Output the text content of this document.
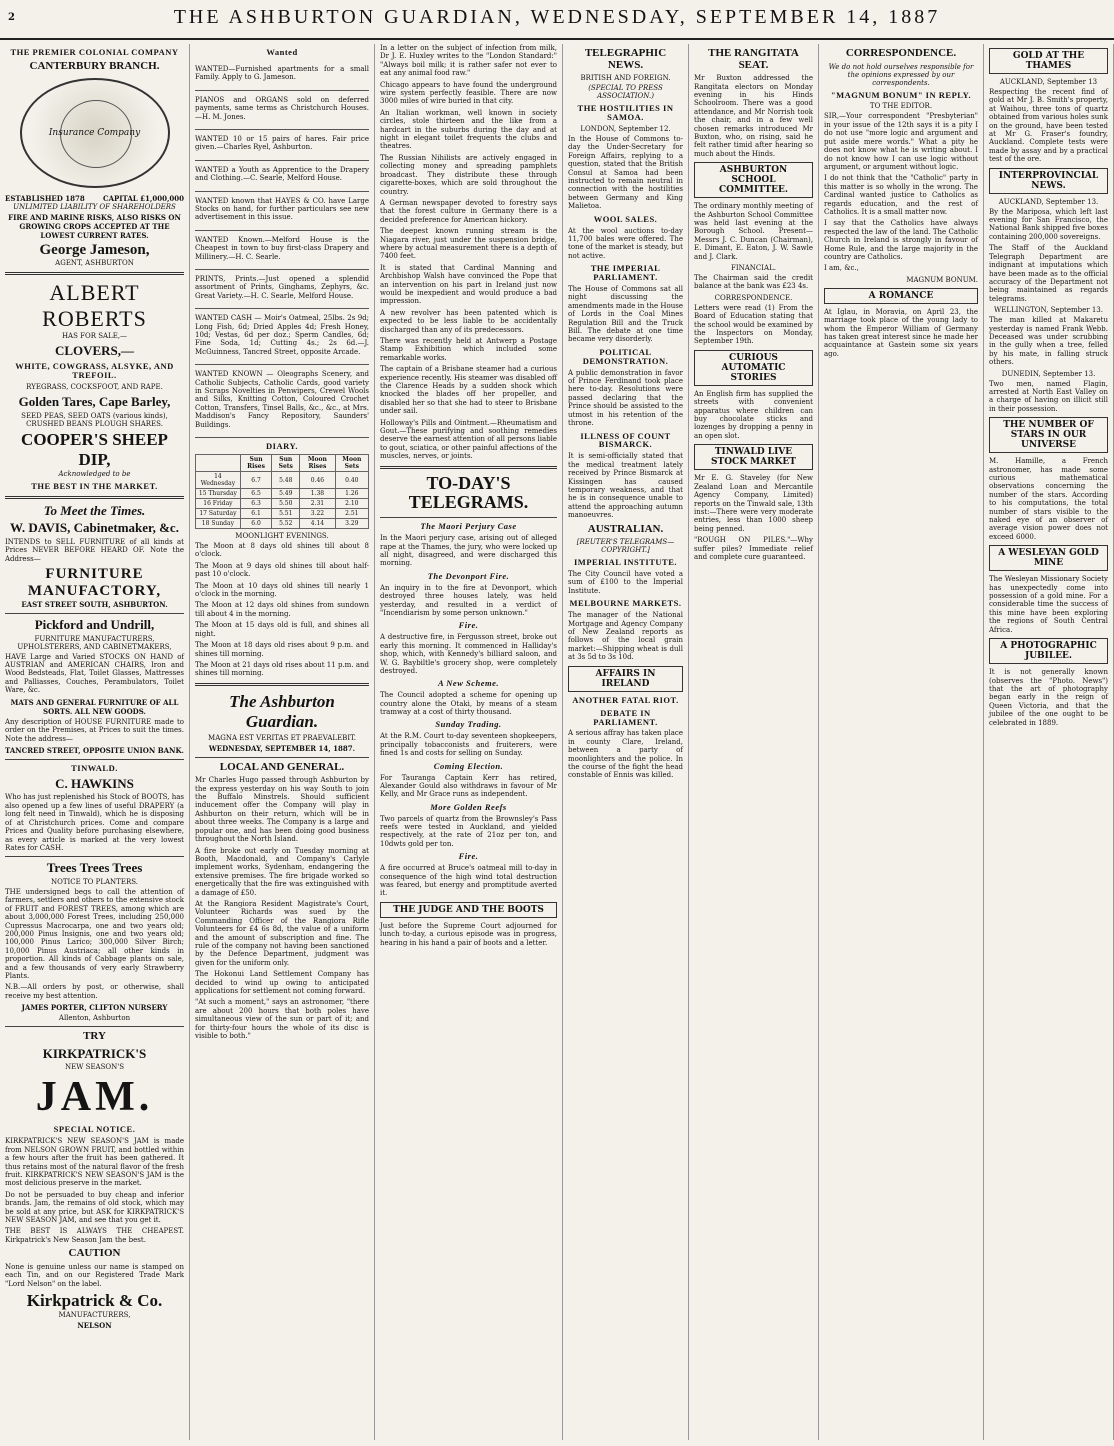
2	THE ASHBURTON GUARDIAN, WEDNESDAY, SEPTEMBER 14, 1887
THE PREMIER COLONIAL COMPANY
CANTERBURY BRANCH.
Insurance Company
ESTABLISHED 1878	CAPITAL £1,000,000
UNLIMITED LIABILITY OF SHAREHOLDERS
FIRE AND MARINE RISKS, ALSO RISKS ON GROWING CROPS ACCEPTED AT THE LOWEST CURRENT RATES.
George Jameson,
AGENT, ASHBURTON
ALBERT ROBERTS
HAS FOR SALE,—
CLOVERS,—
WHITE, COWGRASS, ALSYKE, AND TREFOIL.
RYEGRASS, COCKSFOOT, AND RAPE.
Golden Tares, Cape Barley,
SEED PEAS, SEED OATS (various kinds), CRUSHED BEANS PLOUGH SHARES.
COOPER'S SHEEP DIP,
Acknowledged to be
THE BEST IN THE MARKET.
To Meet the Times.
W. DAVIS, Cabinetmaker, &c.

INTENDS to SELL FURNITURE of all kinds at Prices NEVER BEFORE HEARD OF. Note the Address—

FURNITURE MANUFACTORY,
EAST STREET SOUTH, ASHBURTON.
Pickford and Undrill,
FURNITURE MANUFACTURERS, UPHOLSTERERS, AND CABINETMAKERS,

HAVE Large and Varied STOCKS ON HAND of AUSTRIAN and AMERICAN CHAIRS, Iron and Wood Bedsteads, Flat, Toilet Glasses, Mattresses and Palliasses, Couches, Perambulators, Toilet Ware, &c.

MATS AND GENERAL FURNITURE OF ALL SORTS. ALL NEW GOODS.

Any description of HOUSE FURNITURE made to order on the Premises, at Prices to suit the times. Note the address—

TANCRED STREET, OPPOSITE UNION BANK.
TINWALD.
C. HAWKINS

Who has just replenished his Stock of BOOTS, has also opened up a few lines of useful DRAPERY (a long felt need in Tinwald), which he is disposing of at Christchurch prices. Come and compare Prices and Quality before purchasing elsewhere, as every article is marked at the very lowest Rates for CASH.

Trees Trees Trees
NOTICE TO PLANTERS.

THE undersigned begs to call the attention of farmers, settlers and others to the extensive stock of FRUIT and FOREST TREES, among which are about 3,000,000 Forest Trees, including 250,000 Cupressus Macrocarpa, one and two years old; 200,000 Pinus Insignis, one and two years old; 100,000 Pinus Larico; 300,000 Silver Birch; 10,000 Pinus Austriaca; all other kinds in proportion. All kinds of Cabbage plants on sale, and a few thousands of very early Strawberry Plants.

N.B.—All orders by post, or otherwise, shall receive my best attention.

JAMES PORTER, CLIFTON NURSERY
Allenton, Ashburton
TRY
KIRKPATRICK'S
NEW SEASON'S
JAM.
SPECIAL NOTICE.

KIRKPATRICK'S NEW SEASON'S JAM is made from NELSON GROWN FRUIT, and bottled within a few hours after the fruit has been gathered. It thus retains most of the natural flavor of the fresh fruit. KIRKPATRICK'S NEW SEASON'S JAM is the most delicious preserve in the market.

Do not be persuaded to buy cheap and inferior brands. Jam, the remains of old stock, which may be sold at any price, but ASK for KIRKPATRICK'S NEW SEASON JAM, and see that you get it.

THE BEST IS ALWAYS THE CHEAPEST. Kirkpatrick's New Season Jam the best.

CAUTION

None is genuine unless our name is stamped on each Tin, and on our Registered Trade Mark "Lord Nelson" on the label.

Kirkpatrick & Co.
MANUFACTURERS,
NELSON
Wanted

WANTED—Furnished apartments for a small Family. Apply to G. Jameson.

PIANOS and ORGANS sold on deferred payments, same terms as Christchurch Houses.—H. M. Jones.

WANTED 10 or 15 pairs of hares. Fair price given.—Charles Ryel, Ashburton.

WANTED a Youth as Apprentice to the Drapery and Clothing.—C. Searle, Melford House.

WANTED known that HAYES & CO. have Large Stocks on hand, for further particulars see new advertisement in this issue.

WANTED Known.—Melford House is the Cheapest in town to buy first-class Drapery and Millinery.—H. C. Searle.

PRINTS, Prints.—Just opened a splendid assortment of Prints, Ginghams, Zephyrs, &c. Great Variety.—H. C. Searle, Melford House.

WANTED CASH — Moir's Oatmeal, 25lbs. 2s 9d; Long Fish, 6d; Dried Apples 4d; Fresh Honey, 10d; Vestas, 6d per doz.; Sperm Candles, 6d; Fine Soda, 1d; Cutting 4s.; 2s 6d.—J. McGuinness, Tancred Street, opposite Arcade.

WANTED KNOWN — Oleographs Scenery, and Catholic Subjects, Catholic Cards, good variety in Scraps Novelties in Penwipers, Crewel Wools and Silks, Knitting Cotton, Coloured Crochet Cotton, Transfers, Tinsel Balls, &c., &c., at Mrs. Maddison's Fancy Repository, Saunders' Buildings.

DIARY.
	Sun Rises	Sun Sets	Moon Rises	Moon Sets
14 Wednesday	6.7	5.48	0.46	0.40
15 Thursday	6.5	5.49	1.38	1.26
16 Friday	6.3	5.50	2.31	2.10
17 Saturday	6.1	5.51	3.22	2.51
18 Sunday	6.0	5.52	4.14	3.29
MOONLIGHT EVENINGS.

The Moon at 8 days old shines till about 8 o'clock.

The Moon at 9 days old shines till about half-past 10 o'clock.

The Moon at 10 days old shines till nearly 1 o'clock in the morning.

The Moon at 12 days old shines from sundown till about 4 in the morning.

The Moon at 15 days old is full, and shines all night.

The Moon at 18 days old rises about 9 p.m. and shines till morning.

The Moon at 21 days old rises about 11 p.m. and shines till morning.

The Ashburton Guardian.
MAGNA EST VERITAS ET PRAEVALEBIT.
WEDNESDAY, SEPTEMBER 14, 1887.
LOCAL AND GENERAL.

Mr Charles Hugo passed through Ashburton by the express yesterday on his way South to join the Buffalo Minstrels. Should sufficient inducement offer the Company will play in Ashburton on their return, which will be in about three weeks. The Company is a large and popular one, and has been doing good business throughout the North Island.

A fire broke out early on Tuesday morning at Booth, Macdonald, and Company's Carlyle implement works, Sydenham, endangering the extensive premises. The fire brigade worked so energetically that the fire was extinguished with a damage of £50.

At the Rangiora Resident Magistrate's Court, Volunteer Richards was sued by the Commanding Officer of the Rangiora Rifle Volunteers for £4 6s 8d, the value of a uniform and the amount of subscription and fine. The rule of the company not having been sanctioned by the Defence Department, judgment was given for the uniform only.

The Hokonui Land Settlement Company has decided to wind up owing to anticipated applications for settlement not coming forward.

"At such a moment," says an astronomer, "there are about 200 hours that both poles have simultaneous view of the sun or part of it; and for thirty-four hours the whole of its disc is visible to both."

In a letter on the subject of infection from milk, Dr J. E. Huxley writes to the "London Standard:" "Always boil milk; it is rather safer not ever to eat any animal food raw."

Chicago appears to have found the underground wire system perfectly feasible. There are now 3000 miles of wire buried in that city.

An Italian workman, well known in society circles, stole thirteen and the like from a hardcart in the suburbs during the day and at night in elegant toilet frequents the clubs and theatres.

The Russian Nihilists are actively engaged in collecting money and spreading pamphlets broadcast. They distribute these through cigarette-boxes, which are sold throughout the country.

A German newspaper devoted to forestry says that the forest culture in Germany there is a decided preference for American hickory.

The deepest known running stream is the Niagara river, just under the suspension bridge, where by actual measurement there is a depth of 7400 feet.

It is stated that Cardinal Manning and Archbishop Walsh have convinced the Pope that an intervention on his part in Ireland just now would be inexpedient and would produce a bad impression.

A new revolver has been patented which is expected to be less liable to be accidentally discharged than any of its predecessors.

There was recently held at Antwerp a Postage Stamp Exhibition which included some remarkable works.

The captain of a Brisbane steamer had a curious experience recently. His steamer was disabled off the Clarence Heads by a sudden shock which knocked the blades off her propeller, and disabled her so that she had to steer to Brisbane under sail.

Holloway's Pills and Ointment.—Rheumatism and Gout.—These purifying and soothing remedies deserve the earnest attention of all persons liable to gout, sciatica, or other painful affections of the muscles, nerves, or joints.

TO-DAY'S TELEGRAMS.
The Maori Perjury Case

In the Maori perjury case, arising out of alleged rape at the Thames, the jury, who were locked up all night, disagreed, and were discharged this morning.

The Devonport Fire.

An inquiry in to the fire at Devonport, which destroyed three houses lately, was held yesterday, and resulted in a verdict of "Incendiarism by some person unknown."

Fire.

A destructive fire, in Fergusson street, broke out early this morning. It commenced in Halliday's shop, which, with Kennedy's billiard saloon, and W. G. Baybiltle's grocery shop, were completely destroyed.

A New Scheme.

The Council adopted a scheme for opening up country alone the Otaki, by means of a steam tramway at a cost of thirty thousand.

Sunday Trading.

At the R.M. Court to-day seventeen shopkeepers, principally tobacconists and fruiterers, were fined 1s and costs for selling on Sunday.

Coming Election.

For Tauranga Captain Kerr has retired, Alexander Gould also withdraws in favour of Mr Kelly, and Mr Grace runs as independent.

More Golden Reefs

Two parcels of quartz from the Brownsley's Pass reefs were tested in Auckland, and yielded respectively, at the rate of 21oz per ton, and 10dwts gold per ton.

Fire.

A fire occurred at Bruce's oatmeal mill to-day in consequence of the high wind total destruction was feared, but energy and promptitude averted it.

THE JUDGE AND THE BOOTS

Just before the Supreme Court adjourned for lunch to-day, a curious episode was in progress, hearing in his hand a pair of boots and a letter.

TELEGRAPHIC NEWS.
BRITISH AND FOREIGN.
(SPECIAL TO PRESS ASSOCIATION.)
THE HOSTILITIES IN SAMOA.
LONDON, September 12.

In the House of Commons to-day the Under-Secretary for Foreign Affairs, replying to a question, stated that the British Consul at Samoa had been instructed to remain neutral in connection with the hostilities between Germany and King Malietoa.

WOOL SALES.

At the wool auctions to-day 11,700 bales were offered. The tone of the market is steady, but not active.

THE IMPERIAL PARLIAMENT.

The House of Commons sat all night discussing the amendments made in the House of Lords in the Coal Mines Regulation Bill and the Truck Bill. The debate at one time became very disorderly.

POLITICAL DEMONSTRATION.

A public demonstration in favor of Prince Ferdinand took place here to-day. Resolutions were passed declaring that the Prince should be assisted to the utmost in his retention of the throne.

ILLNESS OF COUNT BISMARCK.

It is semi-officially stated that the medical treatment lately received by Prince Bismarck at Kissingen has caused temporary weakness, and that he is in consequence unable to attend the approaching autumn manoeuvres.

AUSTRALIAN.
[REUTER'S TELEGRAMS—COPYRIGHT.]
IMPERIAL INSTITUTE.

The City Council have voted a sum of £100 to the Imperial Institute.

MELBOURNE MARKETS.

The manager of the National Mortgage and Agency Company of New Zealand reports as follows of the local grain market:—Shipping wheat is dull at 3s 5d to 3s 10d.

AFFAIRS IN IRELAND
ANOTHER FATAL RIOT.
DEBATE IN PARLIAMENT.

A serious affray has taken place in county Clare, Ireland, between a party of moonlighters and the police. In the course of the fight the head constable of Ennis was killed.

THE RANGITATA SEAT.

Mr Buxton addressed the Rangitata electors on Monday evening in his Hinds Schoolroom. There was a good attendance, and Mr Norrish took the chair, and in a few well chosen remarks introduced Mr Buxton, who, on rising, said he felt rather timid after hearing so much about the Hinds.

ASHBURTON SCHOOL COMMITTEE.

The ordinary monthly meeting of the Ashburton School Committee was held last evening at the Borough School. Present—Messrs J. C. Duncan (Chairman), E. Dimant, E. Eaton, J. W. Sawle and J. Clark.

FINANCIAL.

The Chairman said the credit balance at the bank was £23 4s.

CORRESPONDENCE.

Letters were read (1) From the Board of Education stating that the school would be examined by the Inspectors on Monday, September 19th.

CURIOUS AUTOMATIC STORIES

An English firm has supplied the streets with convenient apparatus where children can buy chocolate sticks and lozenges by dropping a penny in an open slot.

TINWALD LIVE STOCK MARKET

Mr E. G. Staveley (for New Zealand Loan and Mercantile Agency Company, Limited) reports on the Tinwald sale, 13th inst:—There were very moderate entries, less than 1000 sheep being penned.

"ROUGH ON PILES."—Why suffer piles? Immediate relief and complete cure guaranteed.

CORRESPONDENCE.
We do not hold ourselves responsible for the opinions expressed by our correspondents.
"MAGNUM BONUM" IN REPLY.
TO THE EDITOR.

SIR,—Your correspondent "Presbyterian" in your issue of the 12th says it is a pity I do not use "more logic and argument and put aside mere words." What a pity he does not know what he is writing about. I do not know how I can use logic without argument, or argument without logic.

I do not think that the "Catholic" party in this matter is so wholly in the wrong. The Cardinal wanted justice to Catholics as regards education, and the rest of Catholics. It is a small matter now.

I say that the Catholics have always respected the law of the land. The Catholic Church in Ireland is strongly in favour of Home Rule, and the large majority in the country are Catholics.

I am, &c.,

MAGNUM BONUM.
A ROMANCE

At Iglau, in Moravia, on April 23, the marriage took place of the young lady to whom the Emperor William of Germany has taken great interest since he made her acquaintance at Gastein some six years ago.

GOLD AT THE THAMES
AUCKLAND, September 13

Respecting the recent find of gold at Mr J. B. Smith's property, at Waihou, three tons of quartz obtained from various holes sunk on the ground, have been tested at Mr G. Fraser's foundry, Auckland. Complete tests were made by assay and by a practical test of the ore.

INTERPROVINCIAL NEWS.
AUCKLAND, September 13.

By the Mariposa, which left last evening for San Francisco, the National Bank shipped five boxes containing 200,000 sovereigns.

The Staff of the Auckland Telegraph Department are indignant at imputations which have been made as to the official accuracy of the Department not being maintained as regards telegrams.

WELLINGTON, September 13.

The man killed at Makaretu yesterday is named Frank Webb. Deceased was under scrubbing in the gully when a tree, felled by his mate, in falling struck others.

DUNEDIN, September 13.

Two men, named Flagin, arrested at North East Valley on a charge of having on illicit still in their possession.

THE NUMBER OF STARS IN OUR UNIVERSE

M. Hamille, a French astronomer, has made some curious mathematical observations concerning the number of the stars. According to his computations, the total number of stars visible to the naked eye of an observer of average vision power does not exceed 6000.

A WESLEYAN GOLD MINE

The Wesleyan Missionary Society has unexpectedly come into possession of a gold mine. For a considerable time the success of this mine have been exploring the regions of South Central Africa.

A PHOTOGRAPHIC JUBILEE.

It is not generally known (observes the "Photo. News") that the art of photography began early in the reign of Queen Victoria, and that the jubilee of the one ought to be celebrated in 1889.
